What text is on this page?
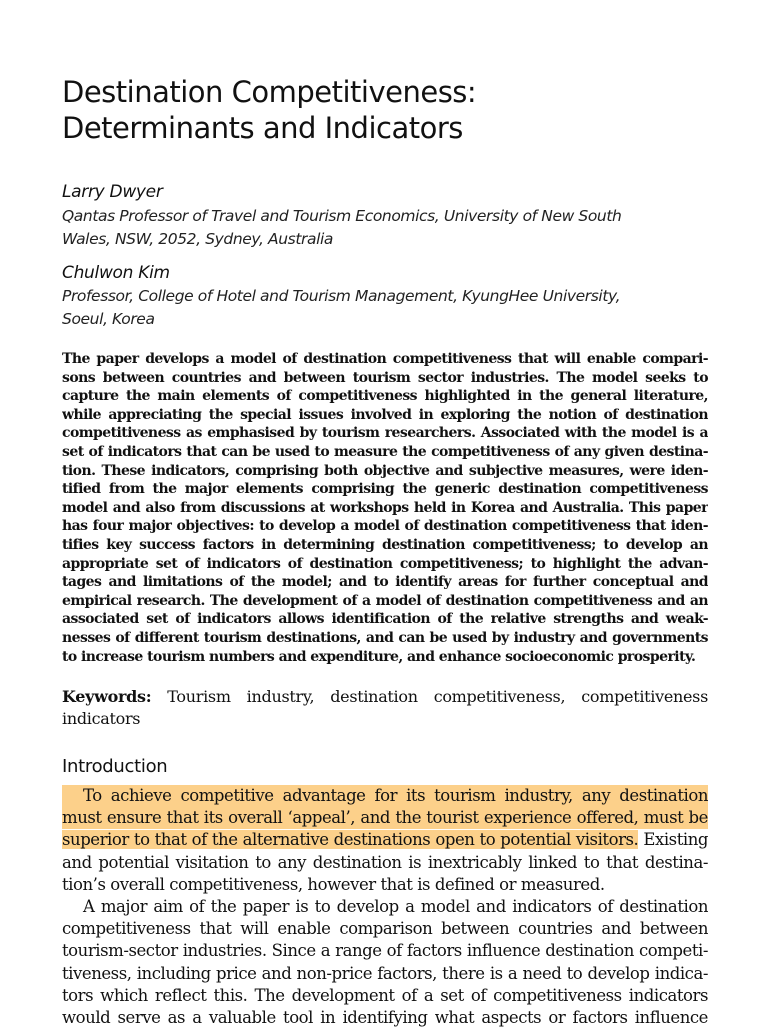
Destination Competitiveness:
Determinants and Indicators
Larry Dwyer
Qantas Professor of Travel and Tourism Economics, University of New South
Wales, NSW, 2052, Sydney, Australia
Chulwon Kim
Professor, College of Hotel and Tourism Management, KyungHee University,
Soeul, Korea
The paper develops a model of destination competitiveness that will enable compari-
sons between countries and between tourism sector industries. The model seeks to
capture the main elements of competitiveness highlighted in the general literature,
while appreciating the special issues involved in exploring the notion of destination
competitiveness as emphasised by tourism researchers. Associated with the model is a
set of indicators that can be used to measure the competitiveness of any given destina-
tion. These indicators, comprising both objective and subjective measures, were iden-
tified from the major elements comprising the generic destination competitiveness
model and also from discussions at workshops held in Korea and Australia. This paper
has four major objectives: to develop a model of destination competitiveness that iden-
tifies key success factors in determining destination competitiveness; to develop an
appropriate set of indicators of destination competitiveness; to highlight the advan-
tages and limitations of the model; and to identify areas for further conceptual and
empirical research. The development of a model of destination competitiveness and an
associated set of indicators allows identification of the relative strengths and weak-
nesses of different tourism destinations, and can be used by industry and governments
to increase tourism numbers and expenditure, and enhance socioeconomic prosperity.
Keywords: Tourism industry, destination competitiveness, competitiveness
indicators
Introduction
To achieve competitive advantage for its tourism industry, any destination
must ensure that its overall ‘appeal’, and the tourist experience offered, must be
superior to that of the alternative destinations open to potential visitors. Existing
and potential visitation to any destination is inextricably linked to that destina-
tion’s overall competitiveness, however that is defined or measured.
A major aim of the paper is to develop a model and indicators of destination
competitiveness that will enable comparison between countries and between
tourism-sector industries. Since a range of factors influence destination competi-
tiveness, including price and non-price factors, there is a need to develop indica-
tors which reflect this. The development of a set of competitiveness indicators
would serve as a valuable tool in identifying what aspects or factors influence
